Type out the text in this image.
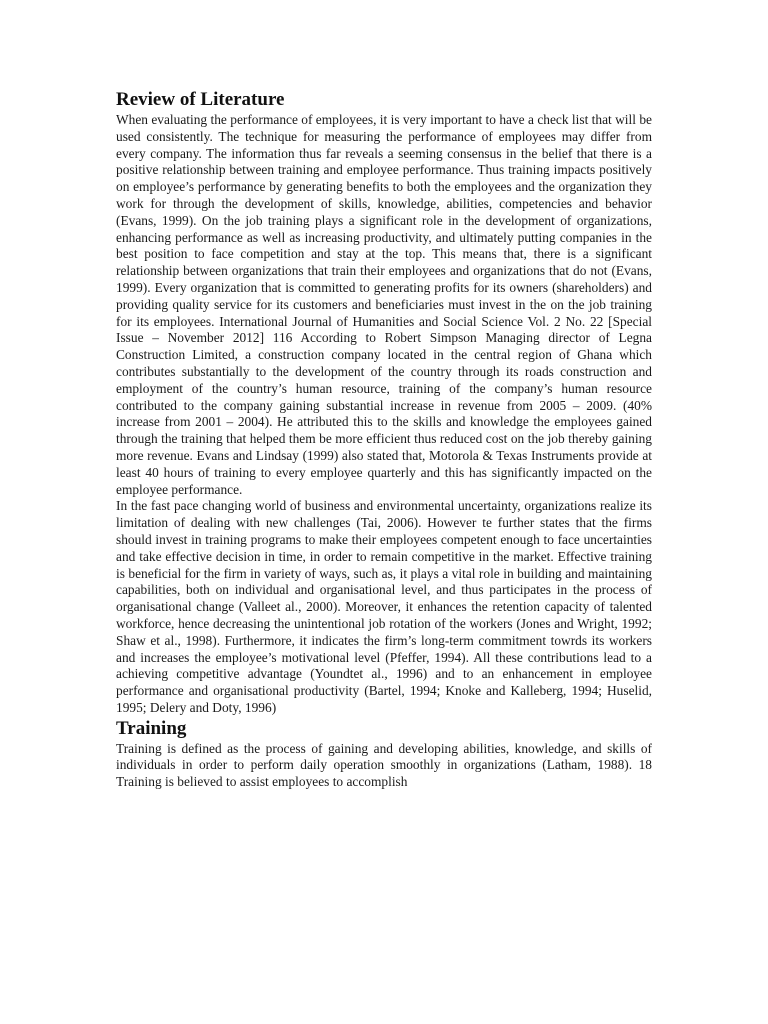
Review of Literature

When evaluating the performance of employees, it is very important to have a check list that will be used consistently. The technique for measuring the performance of employees may differ from every company. The information thus far reveals a seeming consensus in the belief that there is a positive relationship between training and employee performance. Thus training impacts positively on employee’s performance by generating benefits to both the employees and the organization they work for through the development of skills, knowledge, abilities, competencies and behavior (Evans, 1999). On the job training plays a significant role in the development of organizations, enhancing performance as well as increasing productivity, and ultimately putting companies in the best position to face competition and stay at the top. This means that, there is a significant relationship between organizations that train their employees and organizations that do not (Evans, 1999). Every organization that is committed to generating profits for its owners (shareholders) and providing quality service for its customers and beneficiaries must invest in the on the job training for its employees. International Journal of Humanities and Social Science Vol. 2 No. 22 [Special Issue – November 2012] 116 According to Robert Simpson Managing director of Legna Construction Limited, a construction company located in the central region of Ghana which contributes substantially to the development of the country through its roads construction and employment of the country’s human resource, training of the company’s human resource contributed to the company gaining substantial increase in revenue from 2005 – 2009. (40% increase from 2001 – 2004). He attributed this to the skills and knowledge the employees gained through the training that helped them be more efficient thus reduced cost on the job thereby gaining more revenue. Evans and Lindsay (1999) also stated that, Motorola & Texas Instruments provide at least 40 hours of training to every employee quarterly and this has significantly impacted on the employee performance.

In the fast pace changing world of business and environmental uncertainty, organizations realize its limitation of dealing with new challenges (Tai, 2006). However te further states that the firms should invest in training programs to make their employees competent enough to face uncertainties and take effective decision in time, in order to remain competitive in the market. Effective training is beneficial for the firm in variety of ways, such as, it plays a vital role in building and maintaining capabilities, both on individual and organisational level, and thus participates in the process of organisational change (Valleet al., 2000). Moreover, it enhances the retention capacity of talented workforce, hence decreasing the unintentional job rotation of the workers (Jones and Wright, 1992; Shaw et al., 1998). Furthermore, it indicates the firm’s long-term commitment towrds its workers and increases the employee’s motivational level (Pfeffer, 1994). All these contributions lead to a achieving competitive advantage (Youndtet al., 1996) and to an enhancement in employee performance and organisational productivity (Bartel, 1994; Knoke and Kalleberg, 1994; Huselid, 1995; Delery and Doty, 1996)

Training

Training is defined as the process of gaining and developing abilities, knowledge, and skills of individuals in order to perform daily operation smoothly in organizations (Latham, 1988). 18 Training is believed to assist employees to accomplish
